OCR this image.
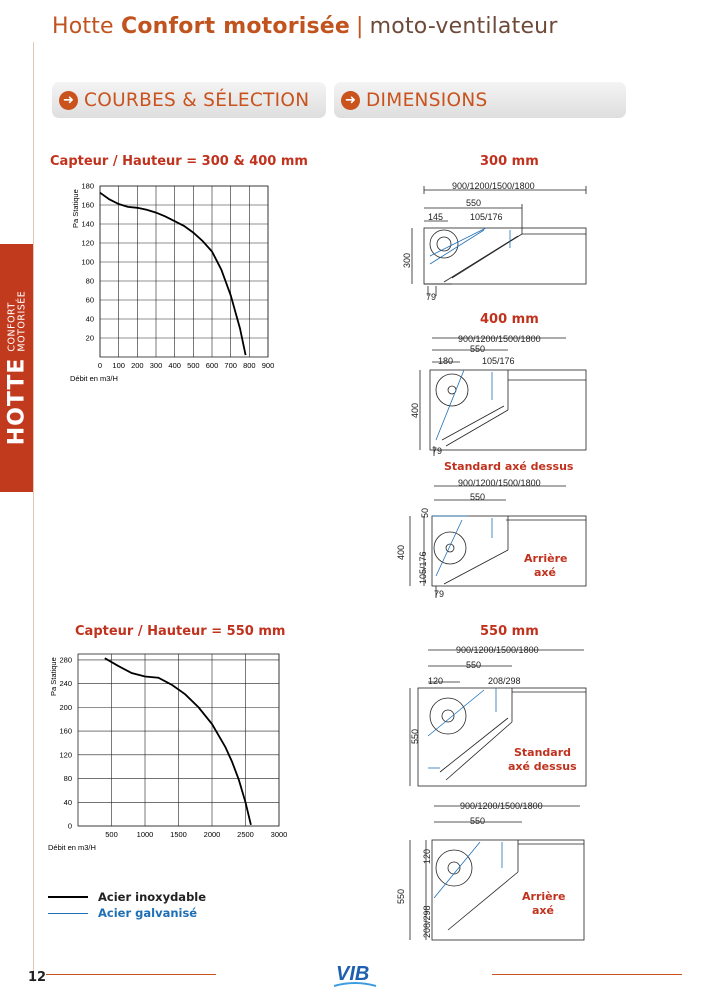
Hotte Confort motorisée | moto-ventilateur
HOTTE
CONFORT
MOTORISÉE
➜ COURBES & SÉLECTION	➜ DIMENSIONS
Capteur / Hauteur = 300 & 400 mm
Capteur / Hauteur = 550 mm
0 100 200 300 400 500 600 700 800 900
20
40
60
80
100
120
140
160
180
Pa Statique
Débit en m3/H
500	1000 1500 2000 2500 3000
0
40
80
120
160
200
240
280
Pa Statique
Débit en m3/H
300 mm
400 mm
Standard axé dessus
550 mm
900/1200/1500/1800
550
145	105/176
300
79
900/1200/1500/1800
550
180	105/176
400
79
900/1200/1500/1800
550
50
400 105/176
79
Arrière
axé
900/1200/1500/1800
550
120	208/298
550
Standard
axé dessus
900/1200/1500/1800
550
120
550
208/298
Arrière
axé
Acier inoxydable
Acier galvanisé
12	VIB
